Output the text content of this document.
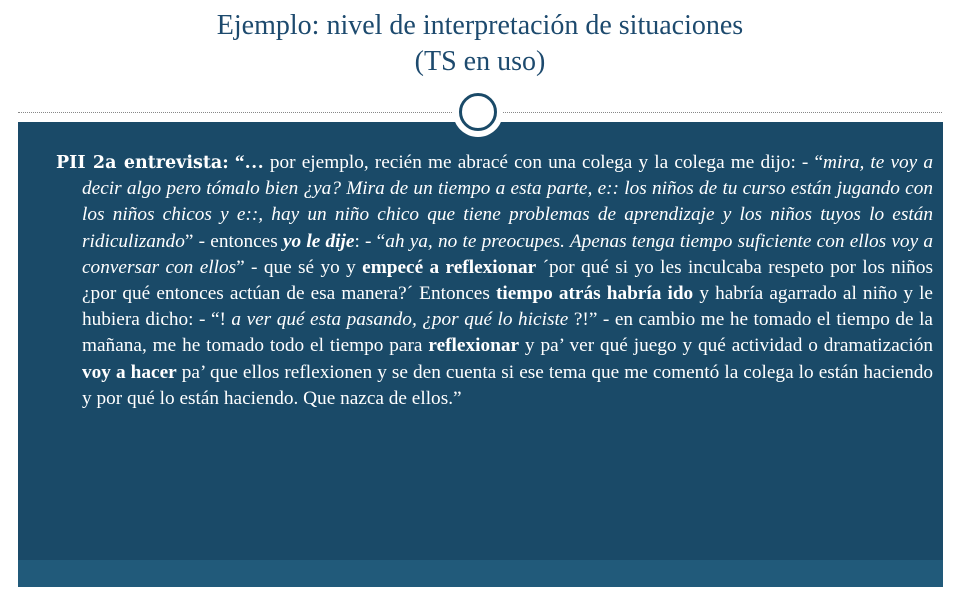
Ejemplo: nivel de interpretación de situaciones
(TS en uso)

PII 2a entrevista: “… por ejemplo, recién me abracé con una colega y la colega me dijo: - “mira, te voy a decir algo pero tómalo bien ¿ya? Mira de un tiempo a esta parte, e:: los niños de tu curso están jugando con los niños chicos y e::, hay un niño chico que tiene problemas de aprendizaje y los niños tuyos lo están ridiculizando” - entonces yo le dije: - “ah ya, no te preocupes. Apenas tenga tiempo suficiente con ellos voy a conversar con ellos” - que sé yo y empecé a reflexionar ´por qué si yo les inculcaba respeto por los niños ¿por qué entonces actúan de esa manera?´ Entonces tiempo atrás habría ido y habría agarrado al niño y le hubiera dicho: - “! a ver qué esta pasando, ¿por qué lo hiciste ?!” - en cambio me he tomado el tiempo de la mañana, me he tomado todo el tiempo para reflexionar y pa’ ver qué juego y qué actividad o dramatización voy a hacer pa’ que ellos reflexionen y se den cuenta si ese tema que me comentó la colega lo están haciendo y por qué lo están haciendo. Que nazca de ellos.”
